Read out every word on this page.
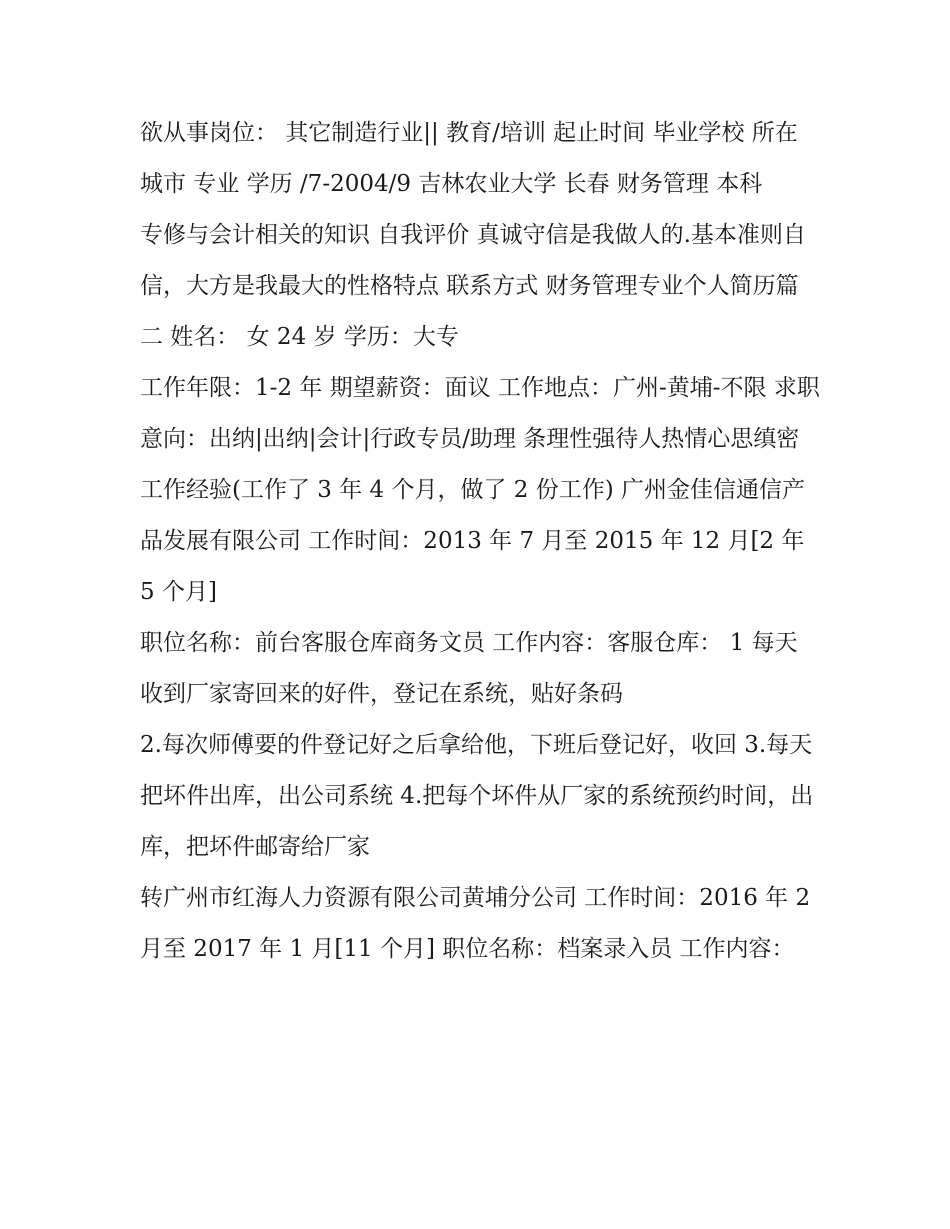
欲从事岗位： 其它制造行业|| 教育/培训 起止时间 毕业学校 所在城市 专业 学历 /7-2004/9 吉林农业大学 长春 财务管理 本科

专修与会计相关的知识 自我评价 真诚守信是我做人的.基本准则自信，大方是我最大的性格特点 联系方式 财务管理专业个人简历篇二 姓名： 女 24 岁 学历：大专

工作年限：1-2 年 期望薪资：面议 工作地点：广州-黄埔-不限 求职意向：出纳|出纳|会计|行政专员/助理 条理性强待人热情心思缜密

工作经验(工作了 3 年 4 个月，做了 2 份工作) 广州金佳信通信产品发展有限公司 工作时间：2013 年 7 月至 2015 年 12 月[2 年 5 个月]

职位名称：前台客服仓库商务文员 工作内容：客服仓库： 1 每天收到厂家寄回来的好件，登记在系统，贴好条码

2.每次师傅要的件登记好之后拿给他，下班后登记好，收回 3.每天把坏件出库，出公司系统 4.把每个坏件从厂家的系统预约时间，出库，把坏件邮寄给厂家

转广州市红海人力资源有限公司黄埔分公司 工作时间：2016 年 2 月至 2017 年 1 月[11 个月] 职位名称：档案录入员 工作内容：
